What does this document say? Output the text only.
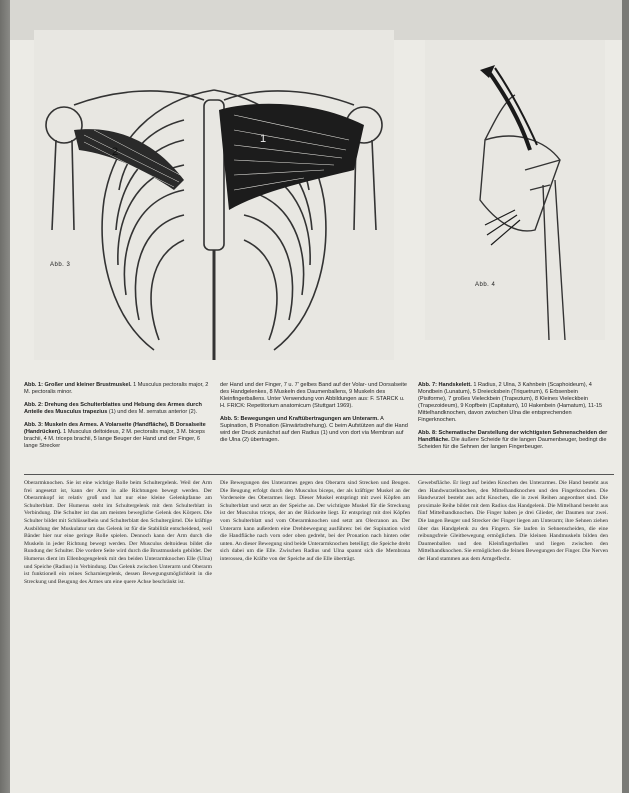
2
1
Abb. 3
Abb. 4
Abb. 1: Großer und kleiner Brustmuskel. 1 Musculus pectoralis major, 2 M. pectoralis minor.
Abb. 2: Drehung des Schulterblattes und Hebung des Armes durch Anteile des Musculus trapezius (1) und des M. serratus anterior (2).
Abb. 3: Muskeln des Armes. A Volarseite (Handfläche), B Dorsalseite (Handrücken). 1 Musculus deltoideus, 2 M. pectoralis major, 3 M. biceps brachii, 4 M. triceps brachii, 5 lange Beuger der Hand und der Finger, 6 lange Strecker
der Hand und der Finger, 7 u. 7' gelbes Band auf der Volar- und Dorsalseite des Handgelenkes, 8 Muskeln des Daumenballens, 9 Muskeln des Kleinfingerballens. Unter Verwendung von Abbildungen aus: F. STARCK u. H. FRICK: Repetitorium anatomicum (Stuttgart 1969).
Abb. 5: Bewegungen und Kraftübertragungen am Unterarm. A Supination, B Pronation (Einwärtsdrehung). C beim Aufstützen auf die Hand wird der Druck zunächst auf den Radius (1) und von dort via Membran auf die Ulna (2) übertragen.
Abb. 7: Handskelett. 1 Radius, 2 Ulna, 3 Kahnbein (Scaphoideum), 4 Mondbein (Lunatum), 5 Dreiecksbein (Triquetrum), 6 Erbsenbein (Pisiforme), 7 großes Vieleckbein (Trapezium), 8 Kleines Vieleckbein (Trapezoideum), 9 Kopfbein (Capitatum), 10 Hakenbein (Hamatum), 11-15 Mittelhandknochen, davon zwischen Ulna die entsprechenden Fingerknochen.
Abb. 8: Schematische Darstellung der wichtigsten Sehnenscheiden der Handfläche. Die äußere Scheide für die langen Daumenbeuger, bedingt die Scheiden für die Sehnen der langen Fingerbeuger.
Oberarmknochen. Sie ist eine wichtige Rolle beim Schultergelenk. Weil der Arm frei angesetzt ist, kann der Arm in alle Richtungen bewegt werden. Der Oberarmkopf ist relativ groß und hat nur eine kleine Gelenkpfanne am Schulterblatt. Der Humerus steht im Schultergelenk mit dem Schulterblatt in Verbindung. Die Schulter ist das am meisten bewegliche Gelenk des Körpers. Die Schulter bildet mit Schlüsselbein und Schulterblatt den Schultergürtel. Die kräftige Ausbildung der Muskulatur um das Gelenk ist für die Stabilität entscheidend, weil Bänder hier nur eine geringe Rolle spielen. Dennoch kann der Arm durch die Muskeln in jeder Richtung bewegt werden. Der Musculus deltoideus bildet die Rundung der Schulter. Die vordere Seite wird durch die Brustmuskeln gebildet. Der Humerus dient im Ellenbogengelenk mit den beiden Unterarmknochen Elle (Ulna) und Speiche (Radius) in Verbindung. Das Gelenk zwischen Unterarm und Oberarm ist funktionell ein reines Scharniergelenk, dessen Bewegungsmöglichkeit in die Streckung und Beugung des Armes um eine quere Achse beschränkt ist.
Die Bewegungen des Unterarmes gegen den Oberarm sind Strecken und Beugen. Die Beugung erfolgt durch den Musculus biceps, der als kräftiger Muskel an der Vorderseite des Oberarmes liegt. Dieser Muskel entspringt mit zwei Köpfen am Schulterblatt und setzt an der Speiche an. Der wichtigste Muskel für die Streckung ist der Musculus triceps, der an der Rückseite liegt. Er entspringt mit drei Köpfen vom Schulterblatt und vom Oberarmknochen und setzt am Olecranon an. Der Unterarm kann außerdem eine Drehbewegung ausführen: bei der Supination wird die Handfläche nach vorn oder oben gedreht, bei der Pronation nach hinten oder unten. An dieser Bewegung sind beide Unterarmknochen beteiligt; die Speiche dreht sich dabei um die Elle. Zwischen Radius und Ulna spannt sich die Membrana interossea, die Kräfte von der Speiche auf die Elle überträgt.
Gewebsfläche. Er liegt auf beiden Knochen des Unterarmes. Die Hand besteht aus den Handwurzelknochen, den Mittelhandknochen und den Fingerknochen. Die Handwurzel besteht aus acht Knochen, die in zwei Reihen angeordnet sind. Die proximale Reihe bildet mit dem Radius das Handgelenk. Die Mittelhand besteht aus fünf Mittelhandknochen. Die Finger haben je drei Glieder, der Daumen nur zwei. Die langen Beuger und Strecker der Finger liegen am Unterarm; ihre Sehnen ziehen über das Handgelenk zu den Fingern. Sie laufen in Sehnenscheiden, die eine reibungsfreie Gleitbewegung ermöglichen. Die kleinen Handmuskeln bilden den Daumenballen und den Kleinfingerballen und liegen zwischen den Mittelhandknochen. Sie ermöglichen die feinen Bewegungen der Finger. Die Nerven der Hand stammen aus dem Armgeflecht.
